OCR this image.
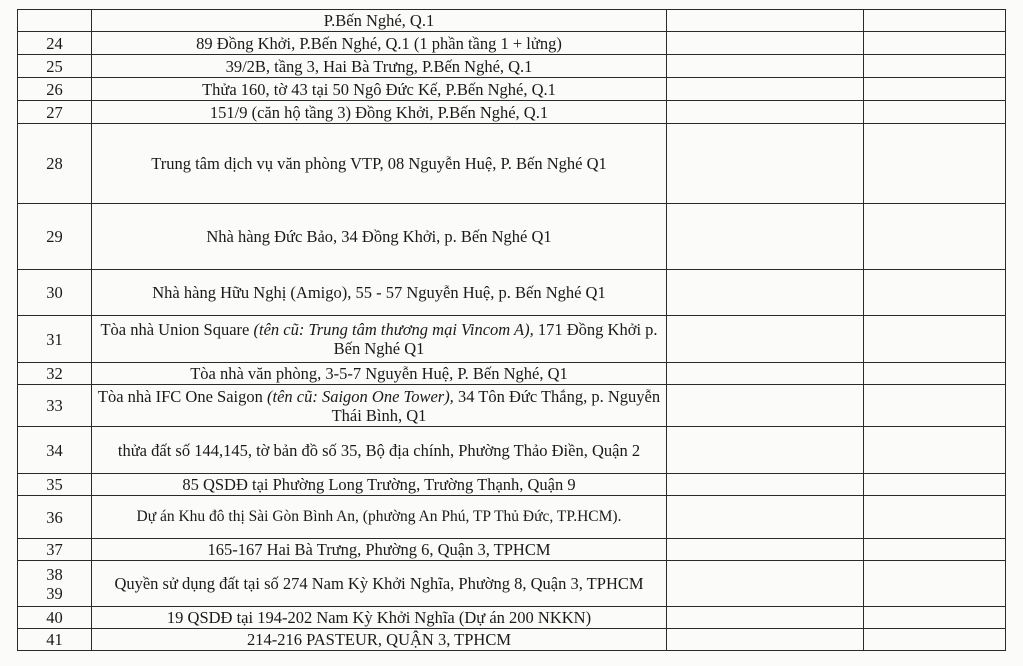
	P.Bến Nghé, Q.1		
24	89 Đồng Khởi, P.Bến Nghé, Q.1 (1 phần tầng 1 + lửng)		
25	39/2B, tầng 3, Hai Bà Trưng, P.Bến Nghé, Q.1		
26	Thửa 160, tờ 43 tại 50 Ngô Đức Kế, P.Bến Nghé, Q.1		
27	151/9 (căn hộ tầng 3) Đồng Khởi, P.Bến Nghé, Q.1		
28	Trung tâm dịch vụ văn phòng VTP, 08 Nguyễn Huệ, P. Bến Nghé Q1		
29	Nhà hàng Đức Bảo, 34 Đồng Khởi, p. Bến Nghé Q1		
30	Nhà hàng Hữu Nghị (Amigo), 55 - 57 Nguyễn Huệ, p. Bến Nghé Q1		
31	Tòa nhà Union Square (tên cũ: Trung tâm thương mại Vincom A), 171 Đồng Khởi p. Bến Nghé Q1		
32	Tòa nhà văn phòng, 3-5-7 Nguyễn Huệ, P. Bến Nghé, Q1		
33	Tòa nhà IFC One Saigon (tên cũ: Saigon One Tower), 34 Tôn Đức Thắng, p. Nguyễn Thái Bình, Q1		
34	thửa đất số 144,145, tờ bản đồ số 35, Bộ địa chính, Phường Thảo Điền, Quận 2		
35	85 QSDĐ tại Phường Long Trường, Trường Thạnh, Quận 9		
36	Dự án Khu đô thị Sài Gòn Bình An, (phường An Phú, TP Thủ Đức, TP.HCM).		
37	165-167 Hai Bà Trưng, Phường 6, Quận 3, TPHCM		

38
39	Quyền sử dụng đất tại số 274 Nam Kỳ Khởi Nghĩa, Phường 8, Quận 3, TPHCM		
40	19 QSDĐ tại 194-202 Nam Kỳ Khởi Nghĩa (Dự án 200 NKKN)		
41	214-216 PASTEUR, QUẬN 3, TPHCM		
